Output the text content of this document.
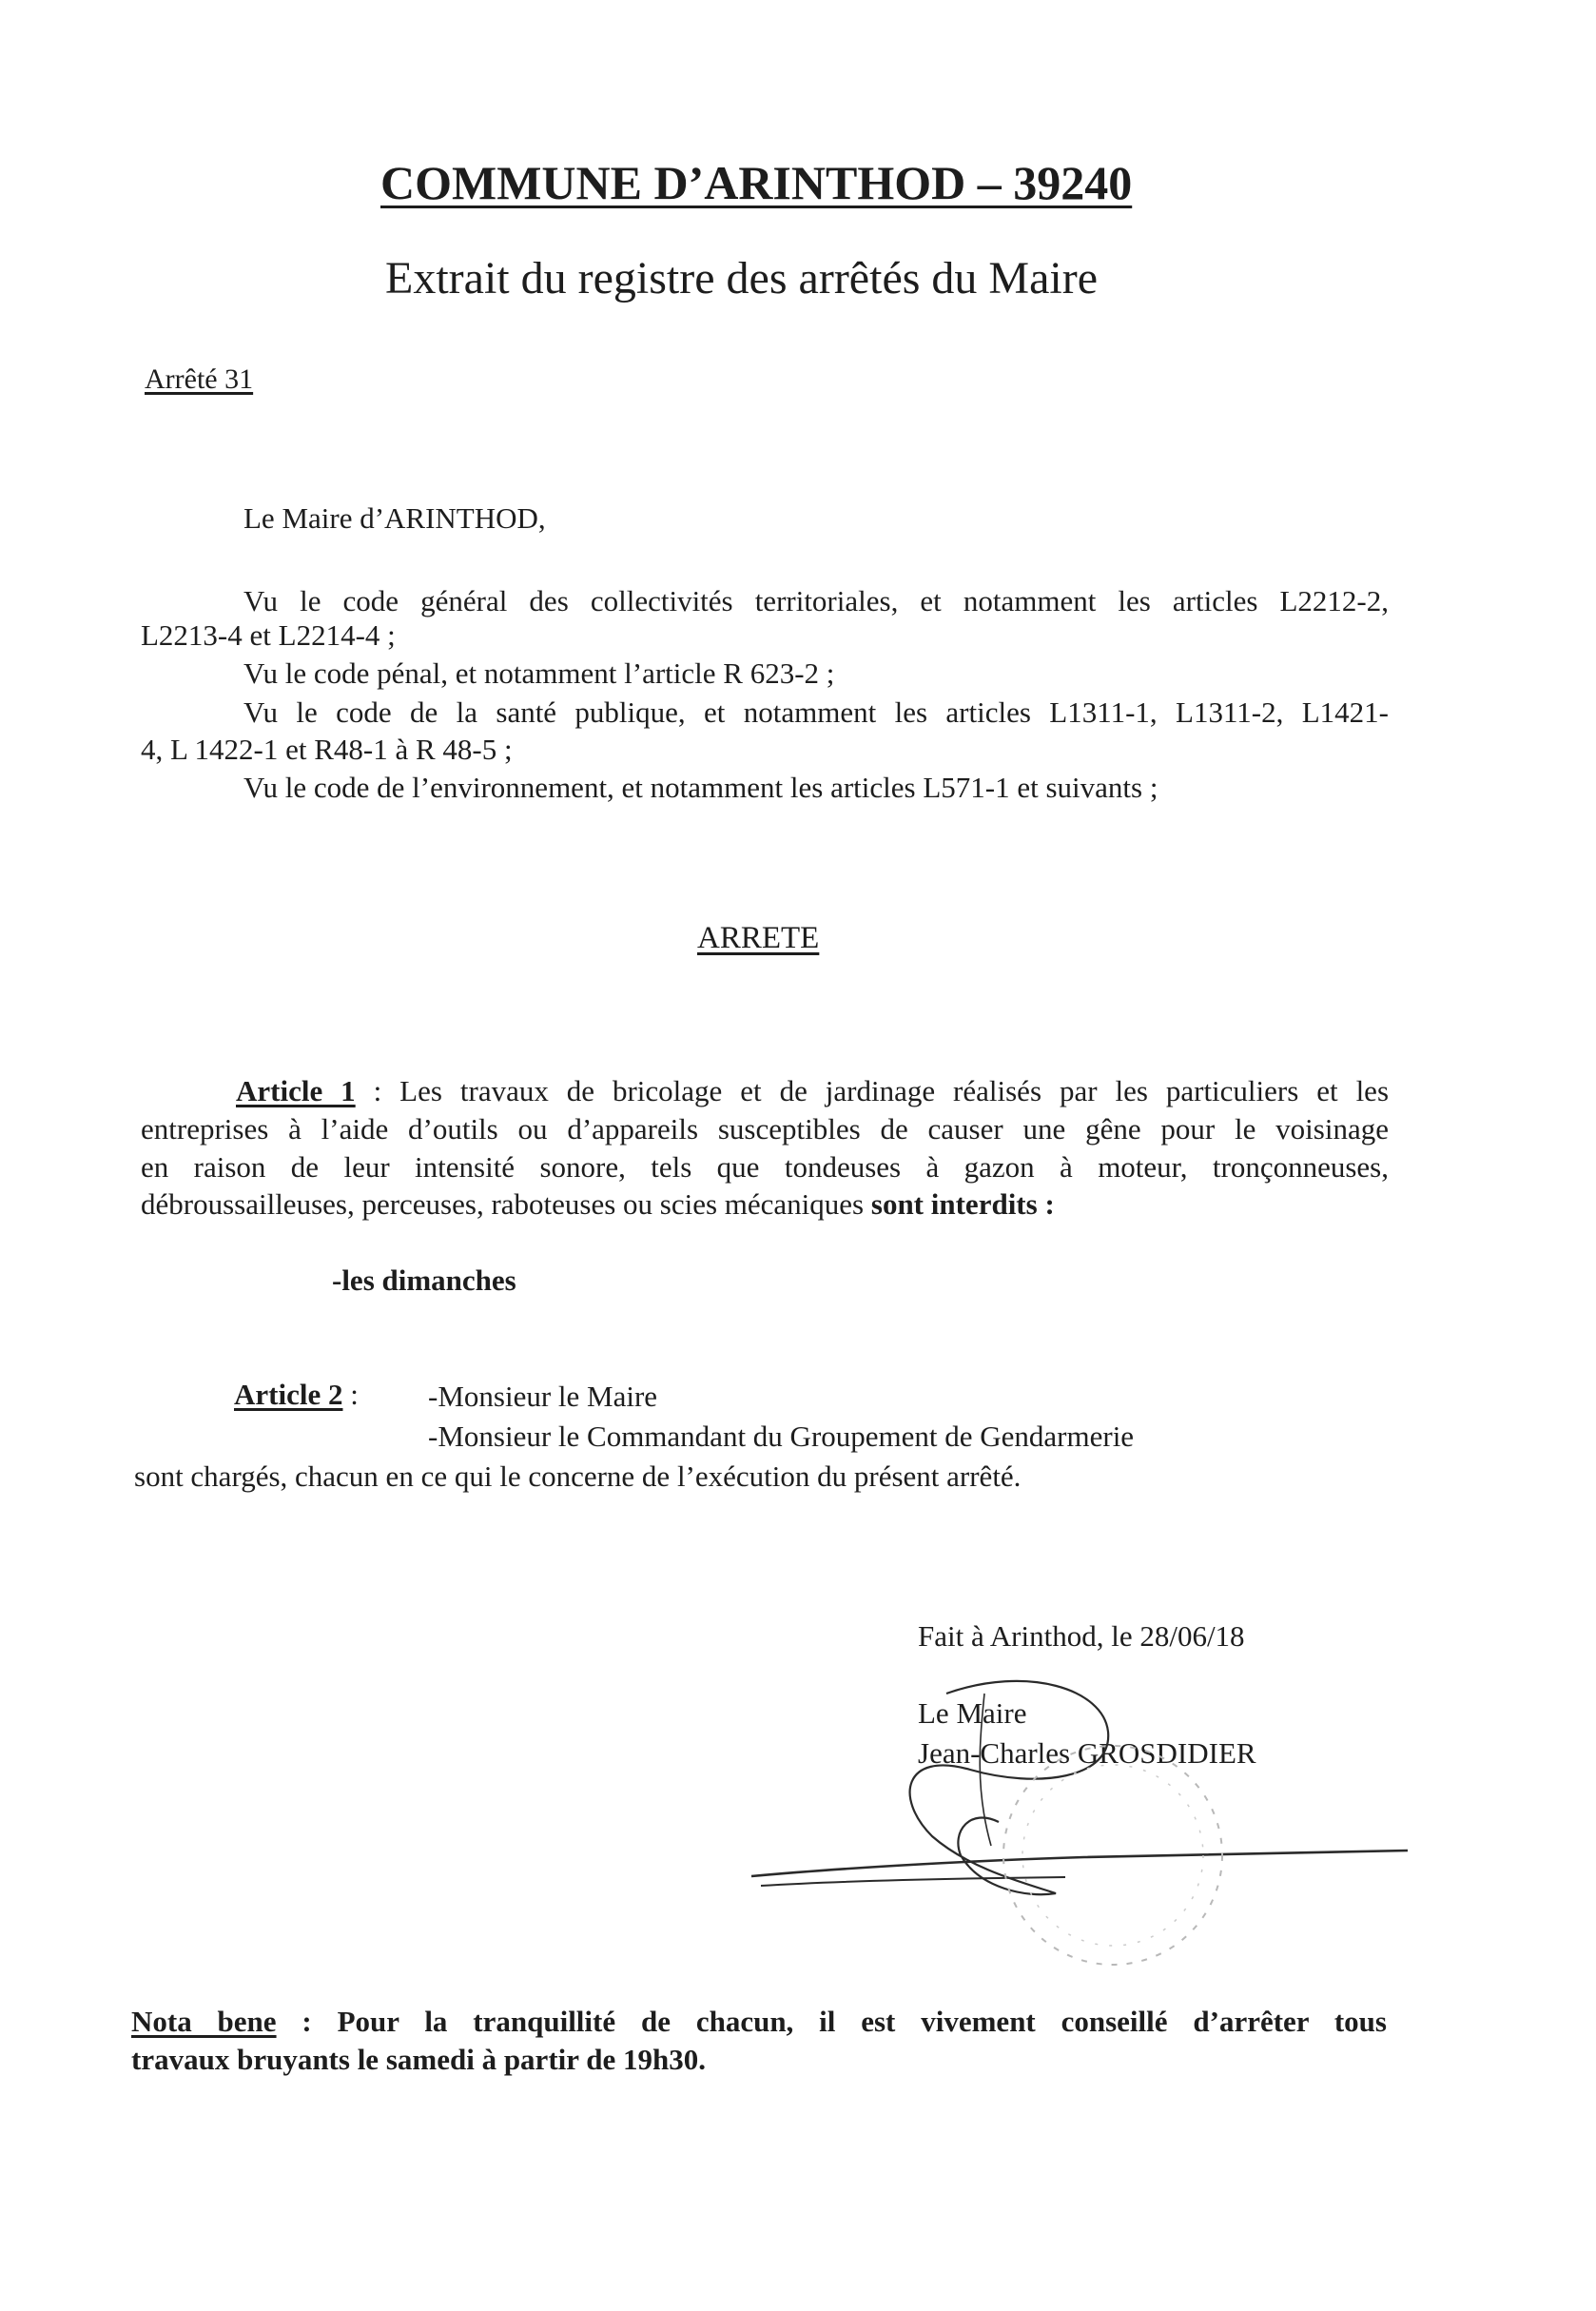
COMMUNE D’ARINTHOD – 39240
Extrait du registre des arrêtés du Maire
Arrêté 31
Le Maire d’ARINTHOD,
Vu le code général des collectivités territoriales, et notamment les articles L2212-2,
L2213-4 et L2214-4 ;
Vu le code pénal, et notamment l’article R 623-2 ;
Vu le code de la santé publique, et notamment les articles L1311-1, L1311-2, L1421-
4, L 1422-1 et R48-1 à R 48-5 ;
Vu le code de l’environnement, et notamment les articles L571-1 et suivants ;
ARRETE
Article 1 : Les travaux de bricolage et de jardinage réalisés par les particuliers et les
entreprises à l’aide d’outils ou d’appareils susceptibles de causer une gêne pour le voisinage
en raison de leur intensité sonore, tels que tondeuses à gazon à moteur, tronçonneuses,
débroussailleuses, perceuses, raboteuses ou scies mécaniques sont interdits :
-les dimanches
Article 2 : -Monsieur le Maire
-Monsieur le Commandant du Groupement de Gendarmerie
sont chargés, chacun en ce qui le concerne de l’exécution du présent arrêté.
Fait à Arinthod, le 28/06/18
Le Maire
Jean-Charles GROSDIDIER
Nota bene : Pour la tranquillité de chacun, il est vivement conseillé d’arrêter tous
travaux bruyants le samedi à partir de 19h30.
